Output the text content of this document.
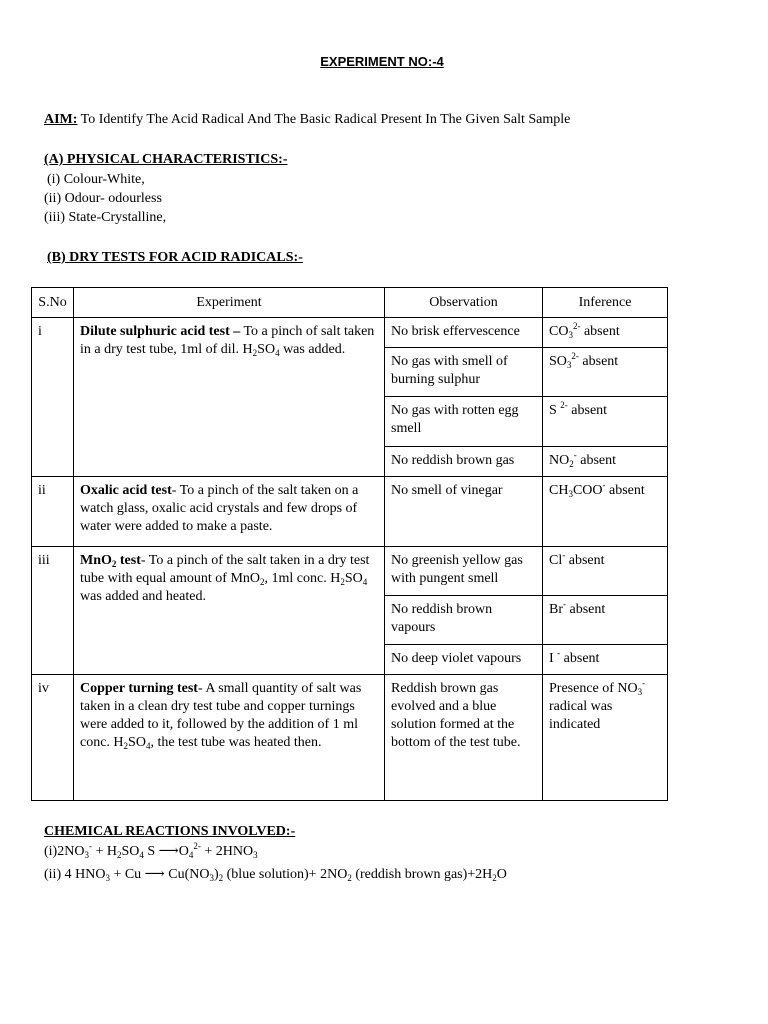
EXPERIMENT NO:-4
AIM: To Identify The Acid Radical And The Basic Radical Present In The Given Salt Sample
(A) PHYSICAL CHARACTERISTICS:-
(i) Colour-White,
(ii) Odour- odourless
(iii) State-Crystalline,
(B) DRY TESTS FOR ACID RADICALS:-
S.No	Experiment	Observation	Inference
i	Dilute sulphuric acid test – To a pinch of salt taken in a dry test tube, 1ml of dil. $H_2SO_4$ was added.	No brisk effervescence	$CO_3^{2-}$ absent
		No gas with smell of burning sulphur	$SO_3^{2-}$ absent
		No gas with rotten egg smell	S $^{2-}$ absent
		No reddish brown gas	$NO_2^-$ absent
ii	Oxalic acid test- To a pinch of the salt taken on a watch glass, oxalic acid crystals and few drops of water were added to make a paste.	No smell of vinegar	$CH_3COO^-$ absent
iii	MnO$_2$ test- To a pinch of the salt taken in a dry test tube with equal amount of MnO$_2$, 1ml conc. $H_2SO_4$ was added and heated.	No greenish yellow gas with pungent smell	Cl- absent
		No reddish brown vapours	Br- absent
		No deep violet vapours	I - absent
iv	Copper turning test- A small quantity of salt was taken in a clean dry test tube and copper turnings were added to it, followed by the addition of 1 ml conc. $H_2SO_4$, the test tube was heated then.	Reddish brown gas evolved and a blue solution formed at the bottom of the test tube.	Presence of $NO_3^-$ radical was indicated
CHEMICAL REACTIONS INVOLVED:-
$(i)2NO_3^- + H_2SO_4$ S $⟶O_4^{2-} + 2HNO_3$
(ii) 4 $HNO_3 + Cu$ ⟶ $Cu(NO_3)_2$ (blue solution)+ $2NO_2$ (reddish brown $gas)+2H_2O$
